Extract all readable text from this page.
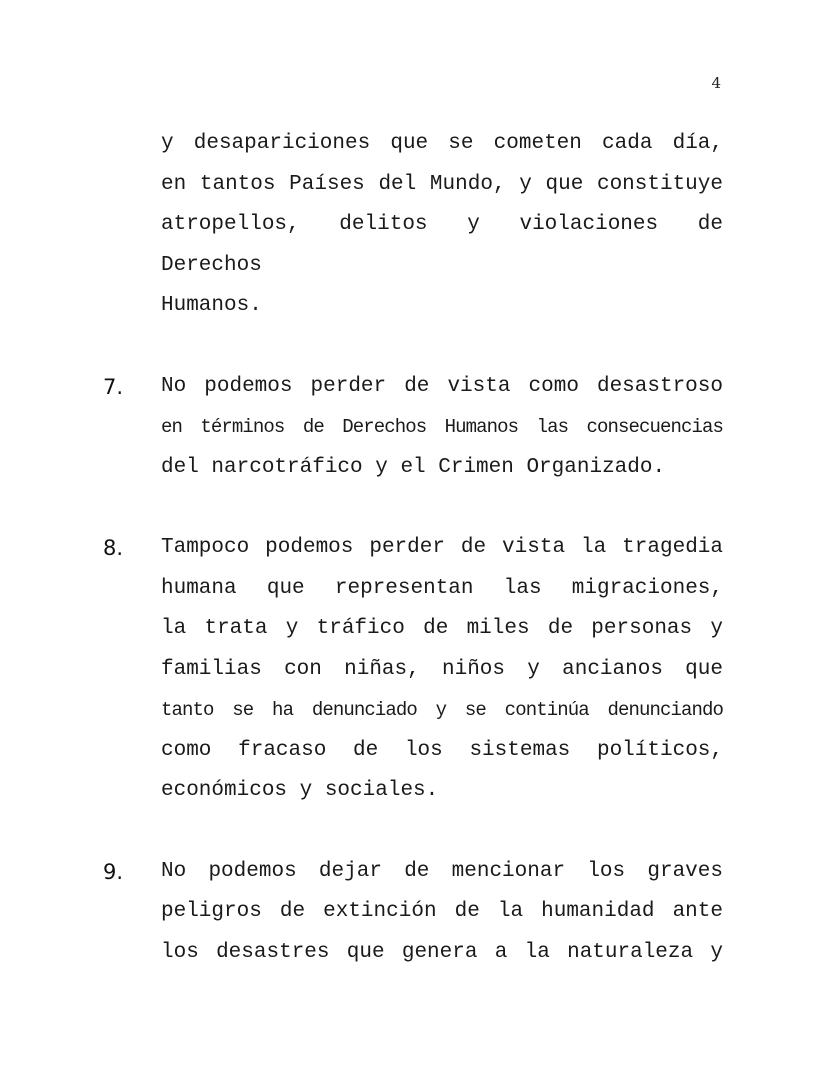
4
y desapariciones que se cometen cada día,
en tantos Países del Mundo, y que constituye
atropellos, delitos y violaciones de Derechos
Humanos.
7. No podemos perder de vista como desastroso
en términos de Derechos Humanos las consecuencias
del narcotráfico y el Crimen Organizado.
8. Tampoco podemos perder de vista la tragedia
humana que representan las migraciones,
la trata y tráfico de miles de personas y
familias con niñas, niños y ancianos que
tanto se ha denunciado y se continúa denunciando
como fracaso de los sistemas políticos,
económicos y sociales.
9. No podemos dejar de mencionar los graves
peligros de extinción de la humanidad ante
los desastres que genera a la naturaleza y
